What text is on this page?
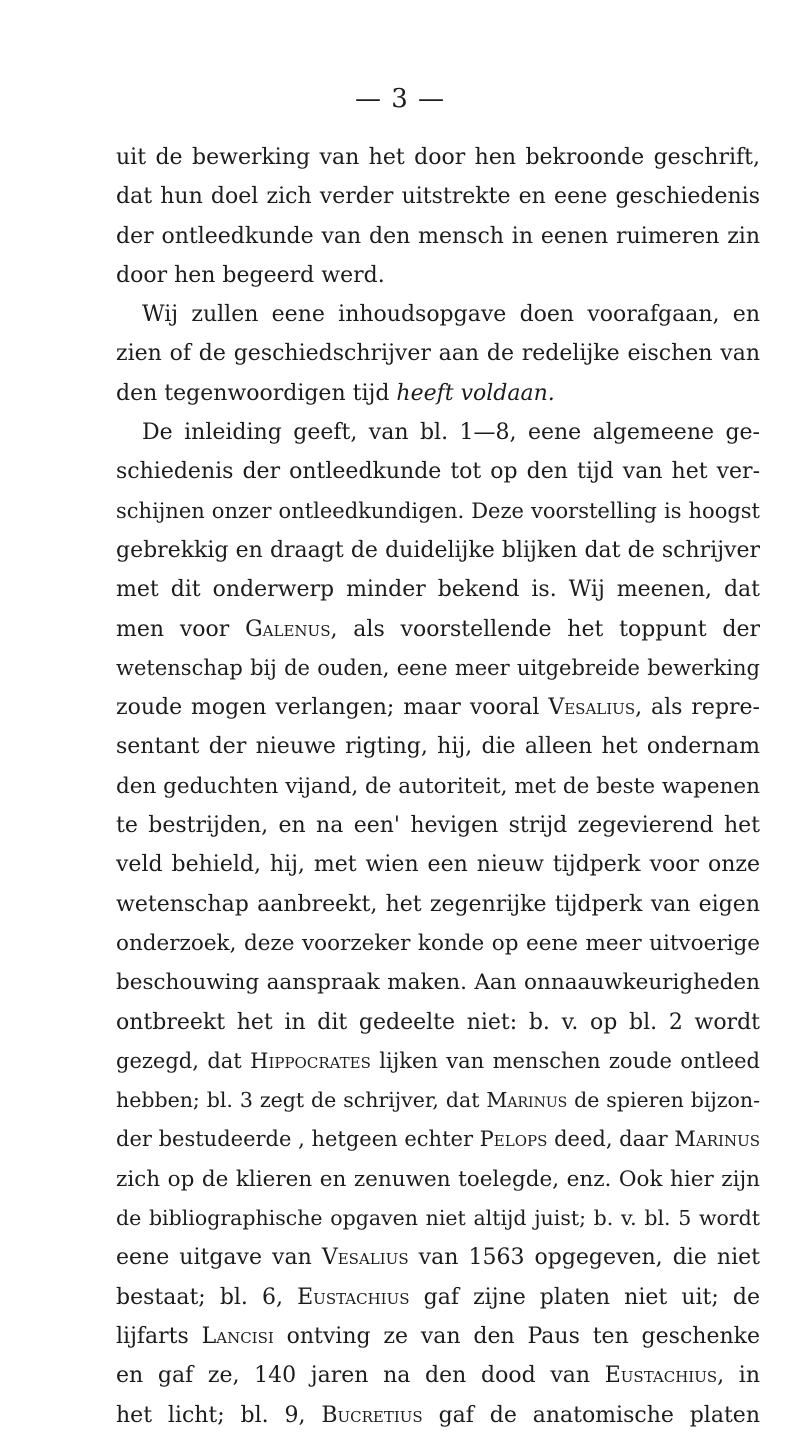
— 3 —
uit de bewerking van het door hen bekroonde geschrift,
dat hun doel zich verder uitstrekte en eene geschiedenis
der ontleedkunde van den mensch in eenen ruimeren zin
door hen begeerd werd.
Wij zullen eene inhoudsopgave doen voorafgaan, en
zien of de geschiedschrijver aan de redelijke eischen van
den tegenwoordigen tijd heeft voldaan.
De inleiding geeft, van bl. 1—8, eene algemeene ge-
schiedenis der ontleedkunde tot op den tijd van het ver-
schijnen onzer ontleedkundigen. Deze voorstelling is hoogst
gebrekkig en draagt de duidelijke blijken dat de schrijver
met dit onderwerp minder bekend is. Wij meenen, dat
men voor Galenus, als voorstellende het toppunt der
wetenschap bij de ouden, eene meer uitgebreide bewerking
zoude mogen verlangen; maar vooral Vesalius, als repre-
sentant der nieuwe rigting, hij, die alleen het ondernam
den geduchten vijand, de autoriteit, met de beste wapenen
te bestrijden, en na een' hevigen strijd zegevierend het
veld behield, hij, met wien een nieuw tijdperk voor onze
wetenschap aanbreekt, het zegenrijke tijdperk van eigen
onderzoek, deze voorzeker konde op eene meer uitvoerige
beschouwing aanspraak maken. Aan onnaauwkeurigheden
ontbreekt het in dit gedeelte niet: b. v. op bl. 2 wordt
gezegd, dat Hippocrates lijken van menschen zoude ontleed
hebben; bl. 3 zegt de schrijver, dat Marinus de spieren bijzon-
der bestudeerde , hetgeen echter Pelops deed, daar Marinus
zich op de klieren en zenuwen toelegde, enz. Ook hier zijn
de bibliographische opgaven niet altijd juist; b. v. bl. 5 wordt
eene uitgave van Vesalius van 1563 opgegeven, die niet
bestaat; bl. 6, Eustachius gaf zijne platen niet uit; de
lijfarts Lancisi ontving ze van den Paus ten geschenke
en gaf ze, 140 jaren na den dood van Eustachius, in
het licht; bl. 9, Bucretius gaf de anatomische platen
